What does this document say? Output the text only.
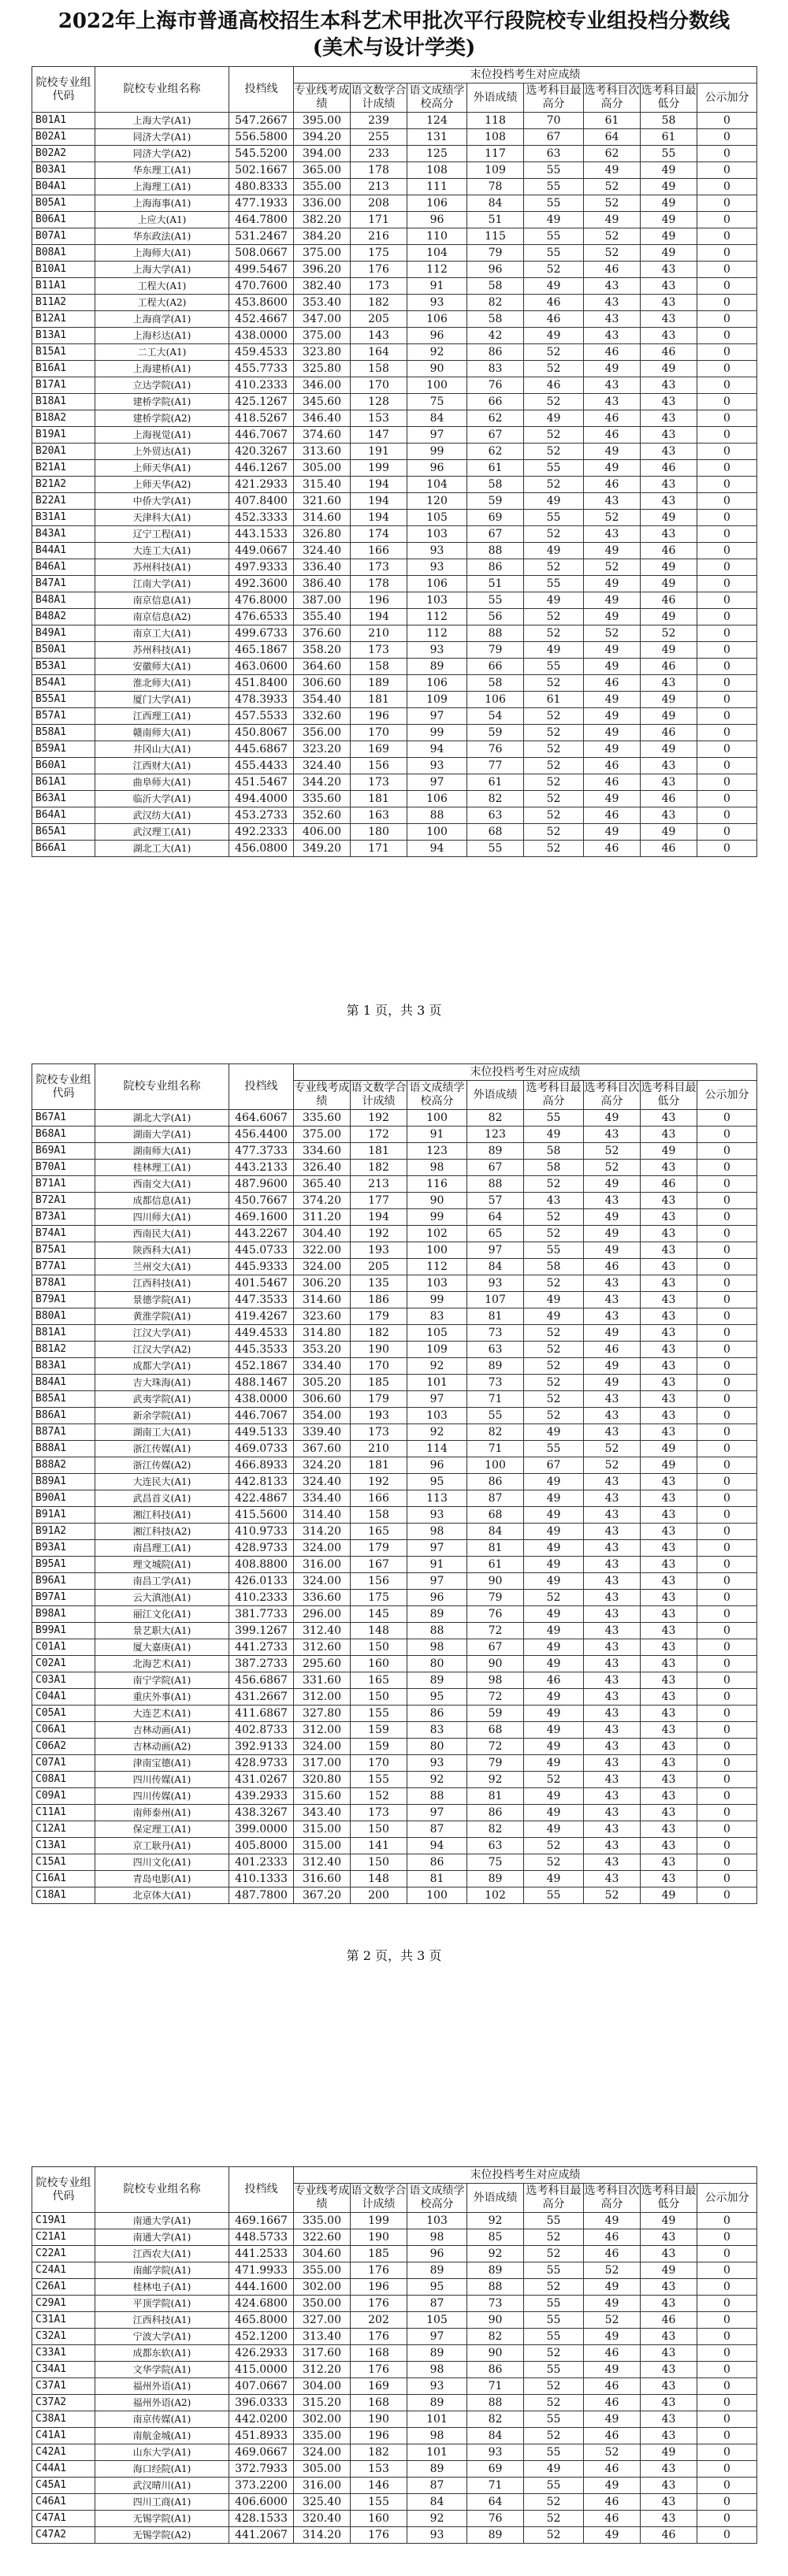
2022年上海市普通高校招生本科艺术甲批次平行段院校专业组投档分数线
(美术与设计学类)
院校专业组代码	院校专业组名称	投档线	末位投档考生对应成绩							
			专业线考成绩	语文数学合计成绩	语文成绩学校高分	外语成绩	选考科目最高分	选考科目次高分	选考科目最低分	公示加分
B01A1	上海大学(A1)	547.2667	395.00	239	124	118	70	61	58	0
B02A1	同济大学(A1)	556.5800	394.20	255	131	108	67	64	61	0
B02A2	同济大学(A2)	545.5200	394.00	233	125	117	63	62	55	0
B03A1	华东理工(A1)	502.1667	365.00	178	108	109	55	49	49	0
B04A1	上海理工(A1)	480.8333	355.00	213	111	78	55	52	49	0
B05A1	上海海事(A1)	477.1933	336.00	208	106	84	55	52	49	0
B06A1	上应大(A1)	464.7800	382.20	171	96	51	49	49	49	0
B07A1	华东政法(A1)	531.2467	384.20	216	110	115	55	52	49	0
B08A1	上海师大(A1)	508.0667	375.00	175	104	79	55	52	49	0
B10A1	上海大学(A1)	499.5467	396.20	176	112	96	52	46	43	0
B11A1	工程大(A1)	470.7600	382.40	173	91	58	49	43	43	0
B11A2	工程大(A2)	453.8600	353.40	182	93	82	46	43	43	0
B12A1	上海商学(A1)	452.4667	347.00	205	106	58	46	43	43	0
B13A1	上海杉达(A1)	438.0000	375.00	143	96	42	49	43	43	0
B15A1	二工大(A1)	459.4533	323.80	164	92	86	52	46	46	0
B16A1	上海建桥(A1)	455.7733	325.80	158	90	83	52	49	49	0
B17A1	立达学院(A1)	410.2333	346.00	170	100	76	46	43	43	0
B18A1	建桥学院(A1)	425.1267	345.60	128	75	66	52	43	43	0
B18A2	建桥学院(A2)	418.5267	346.40	153	84	62	49	46	43	0
B19A1	上海视觉(A1)	446.7067	374.60	147	97	67	52	46	43	0
B20A1	上外贸达(A1)	420.3267	313.60	191	99	62	52	49	43	0
B21A1	上师天华(A1)	446.1267	305.00	199	96	61	55	49	46	0
B21A2	上师天华(A2)	421.2933	315.40	194	104	58	52	46	43	0
B22A1	中侨大学(A1)	407.8400	321.60	194	120	59	49	43	43	0
B31A1	天津科大(A1)	452.3333	314.60	194	105	69	55	52	49	0
B43A1	辽宁工程(A1)	443.1533	326.80	174	103	67	52	43	43	0
B44A1	大连工大(A1)	449.0667	324.40	166	93	88	49	49	46	0
B46A1	苏州科技(A1)	497.9333	336.40	173	93	86	52	52	49	0
B47A1	江南大学(A1)	492.3600	386.40	178	106	51	55	49	49	0
B48A1	南京信息(A1)	476.8000	387.00	196	103	55	49	49	46	0
B48A2	南京信息(A2)	476.6533	355.40	194	112	56	52	49	49	0
B49A1	南京工大(A1)	499.6733	376.60	210	112	88	52	52	52	0
B50A1	苏州科技(A1)	465.1867	358.20	173	93	79	49	49	49	0
B53A1	安徽师大(A1)	463.0600	364.60	158	89	66	55	49	46	0
B54A1	淮北师大(A1)	451.8400	306.60	189	106	58	52	46	43	0
B55A1	厦门大学(A1)	478.3933	354.40	181	109	106	61	49	49	0
B57A1	江西理工(A1)	457.5533	332.60	196	97	54	52	49	49	0
B58A1	赣南师大(A1)	450.8067	356.00	170	99	59	52	49	46	0
B59A1	井冈山大(A1)	445.6867	323.20	169	94	76	52	49	49	0
B60A1	江西财大(A1)	455.4433	324.40	156	93	77	52	46	43	0
B61A1	曲阜师大(A1)	451.5467	344.20	173	97	61	52	46	43	0
B63A1	临沂大学(A1)	494.4000	335.60	181	106	82	52	49	46	0
B64A1	武汉纺大(A1)	453.2733	352.60	163	88	63	52	46	43	0
B65A1	武汉理工(A1)	492.2333	406.00	180	100	68	52	49	49	0
B66A1	湖北工大(A1)	456.0800	349.20	171	94	55	52	46	46	0
第 1 页，共 3 页
院校专业组代码	院校专业组名称	投档线	末位投档考生对应成绩							
			专业线考成绩	语文数学合计成绩	语文成绩学校高分	外语成绩	选考科目最高分	选考科目次高分	选考科目最低分	公示加分
B67A1	湖北大学(A1)	464.6067	335.60	192	100	82	55	49	43	0
B68A1	湖南大学(A1)	456.4400	375.00	172	91	123	49	43	43	0
B69A1	湖南师大(A1)	477.3733	334.60	181	123	89	58	52	49	0
B70A1	桂林理工(A1)	443.2133	326.40	182	98	67	58	52	43	0
B71A1	西南交大(A1)	487.9600	365.40	213	116	88	52	49	46	0
B72A1	成都信息(A1)	450.7667	374.20	177	90	57	43	43	43	0
B73A1	四川师大(A1)	469.1600	311.20	194	99	64	52	49	43	0
B74A1	西南民大(A1)	443.2267	304.40	192	102	65	52	49	43	0
B75A1	陕西科大(A1)	445.0733	322.00	193	100	97	55	49	43	0
B77A1	兰州交大(A1)	445.9333	324.00	205	112	84	58	46	43	0
B78A1	江西科技(A1)	401.5467	306.20	135	103	93	52	43	43	0
B79A1	景德学院(A1)	447.3533	314.60	186	99	107	49	43	43	0
B80A1	黄淮学院(A1)	419.4267	323.60	179	83	81	49	43	43	0
B81A1	江汉大学(A1)	449.4533	314.80	182	105	73	52	49	43	0
B81A2	江汉大学(A2)	445.3533	353.20	190	109	63	52	46	43	0
B83A1	成都大学(A1)	452.1867	334.40	170	92	89	52	49	43	0
B84A1	吉大珠海(A1)	488.1467	305.20	185	101	73	52	49	43	0
B85A1	武夷学院(A1)	438.0000	306.60	179	97	71	52	43	43	0
B86A1	新余学院(A1)	446.7067	354.00	193	103	55	52	43	43	0
B87A1	湖南工大(A1)	449.5133	339.40	173	92	82	49	43	43	0
B88A1	浙江传媒(A1)	469.0733	367.60	210	114	71	55	52	49	0
B88A2	浙江传媒(A2)	466.8933	324.20	181	96	100	67	52	49	0
B89A1	大连民大(A1)	442.8133	324.40	192	95	86	49	43	43	0
B90A1	武昌首义(A1)	422.4867	334.40	166	113	87	49	43	43	0
B91A1	湘江科技(A1)	415.5600	314.40	158	93	68	49	43	43	0
B91A2	湘江科技(A2)	410.9733	314.20	165	98	84	49	43	43	0
B93A1	南昌理工(A1)	428.9733	324.00	179	97	81	49	43	43	0
B95A1	理文城院(A1)	408.8800	316.00	167	91	61	49	43	43	0
B96A1	南昌工学(A1)	426.0133	324.00	156	97	90	49	43	43	0
B97A1	云大滇池(A1)	410.2333	336.60	175	96	79	52	43	43	0
B98A1	丽江文化(A1)	381.7733	296.00	145	89	76	49	43	43	0
B99A1	景艺职大(A1)	399.1267	312.40	148	88	72	49	43	43	0
C01A1	厦大嘉庚(A1)	441.2733	312.60	150	98	67	49	43	43	0
C02A1	北海艺术(A1)	387.2733	295.60	160	80	90	49	43	43	0
C03A1	南宁学院(A1)	456.6867	331.60	165	89	98	46	43	43	0
C04A1	重庆外事(A1)	431.2667	312.00	150	95	72	49	43	43	0
C05A1	大连艺术(A1)	411.6867	327.80	155	86	59	49	43	43	0
C06A1	吉林动画(A1)	402.8733	312.00	159	83	68	49	43	43	0
C06A2	吉林动画(A2)	392.9133	324.00	159	80	72	49	43	43	0
C07A1	津南宝德(A1)	428.9733	317.00	170	93	79	49	43	43	0
C08A1	四川传媒(A1)	431.0267	320.80	155	92	92	52	43	43	0
C09A1	四川传媒(A1)	439.2933	315.60	152	88	81	49	43	43	0
C11A1	南师泰州(A1)	438.3267	343.40	173	97	86	49	43	43	0
C12A1	保定理工(A1)	399.0000	315.00	150	87	82	49	43	43	0
C13A1	京工耿丹(A1)	405.8000	315.00	141	94	63	52	43	43	0
C15A1	四川文化(A1)	401.2333	312.40	150	86	75	52	43	43	0
C16A1	青岛电影(A1)	410.1333	316.60	148	81	89	49	43	43	0
C18A1	北京体大(A1)	487.7800	367.20	200	100	102	55	52	49	0
第 2 页，共 3 页
院校专业组代码	院校专业组名称	投档线	末位投档考生对应成绩							
			专业线考成绩	语文数学合计成绩	语文成绩学校高分	外语成绩	选考科目最高分	选考科目次高分	选考科目最低分	公示加分
C19A1	南通大学(A1)	469.1667	335.00	199	103	92	55	49	49	0
C21A1	南通大学(A1)	448.5733	322.60	190	98	85	52	46	43	0
C22A1	江西农大(A1)	441.2533	304.60	185	96	92	52	46	43	0
C24A1	南邮学院(A1)	471.9933	355.00	176	89	89	55	52	49	0
C26A1	桂林电子(A1)	444.1600	302.00	196	95	88	52	49	43	0
C29A1	平顶学院(A1)	424.6800	350.00	176	87	73	55	49	43	0
C31A1	江西科技(A1)	465.8000	327.00	202	105	90	55	52	46	0
C32A1	宁波大学(A1)	452.1200	313.40	176	97	82	55	49	43	0
C33A1	成都东软(A1)	426.2933	317.60	168	89	90	52	46	43	0
C34A1	文华学院(A1)	415.0000	312.20	176	98	86	55	49	43	0
C37A1	福州外语(A1)	407.0667	304.00	169	93	71	52	46	43	0
C37A2	福州外语(A2)	396.0333	315.20	168	89	88	52	46	43	0
C38A1	南京传媒(A1)	442.0200	302.00	190	101	82	55	49	43	0
C41A1	南航金城(A1)	451.8933	335.00	196	98	84	52	46	43	0
C42A1	山东大学(A1)	469.0667	324.00	182	101	93	55	52	49	0
C44A1	海口经院(A1)	372.7933	305.00	153	89	69	49	46	43	0
C45A1	武汉晴川(A1)	373.2200	316.00	146	87	71	55	49	43	0
C46A1	四川工商(A1)	406.6000	325.40	155	84	64	52	46	43	0
C47A1	无锡学院(A1)	428.1533	320.40	160	92	76	52	46	43	0
C47A2	无锡学院(A2)	441.2067	314.20	176	93	89	52	49	46	0
